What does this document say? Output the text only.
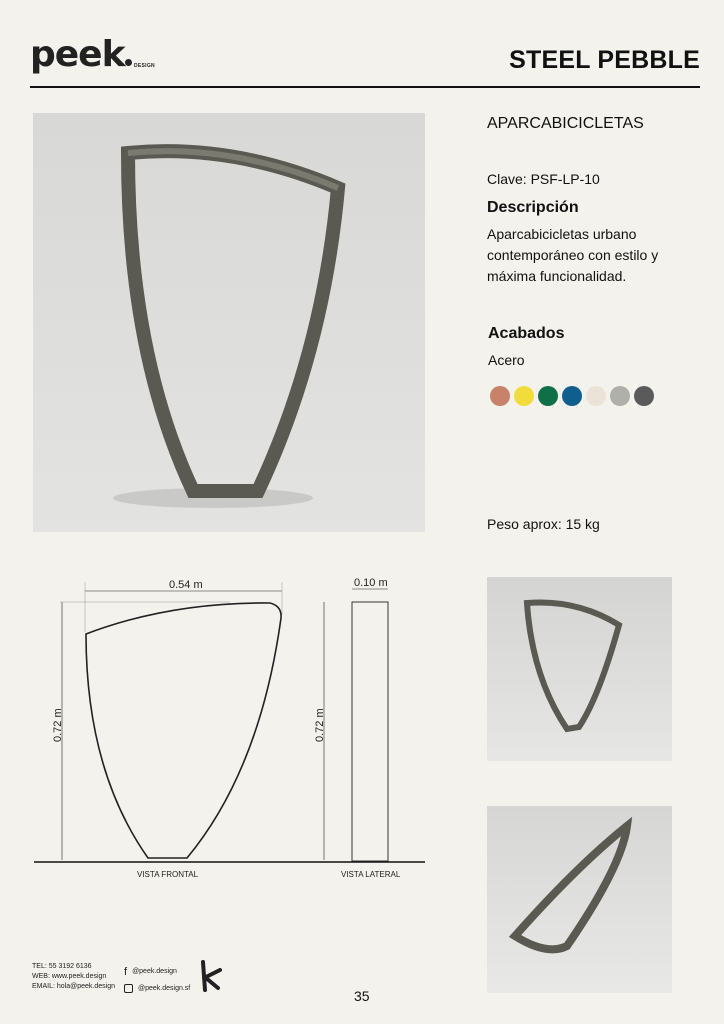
peek	DESIGN	STEEL PEBBLE
APARCABICICLETAS
Clave: PSF-LP-10
Descripción
Aparcabicicletas urbano contemporáneo con estilo y máxima funcionalidad.
Acabados
Acero
Peso aprox: 15 kg
0.54 m
0.72 m
VISTA FRONTAL
0.10 m
0.72 m
VISTA LATERAL
TEL: 55 3192 6136
WEB: www.peek.design
EMAIL: hola@peek.design
f @peek.design
@peek.design.sf	35
